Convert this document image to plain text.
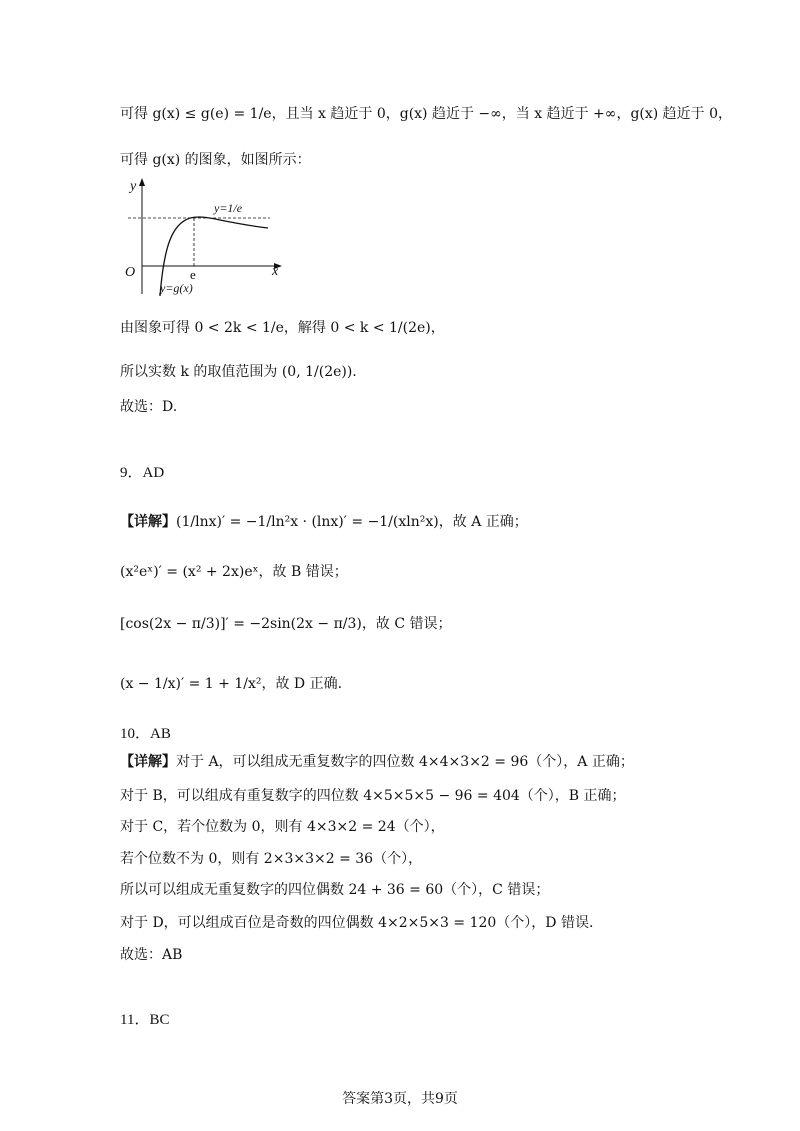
可得 g(x) ≤ g(e) = 1/e，且当 x 趋近于 0，g(x) 趋近于 −∞，当 x 趋近于 +∞，g(x) 趋近于 0，
可得 g(x) 的图象，如图所示：
y
x
O	e
y=1/e
y=g(x)
由图象可得 0 < 2k < 1/e，解得 0 < k < 1/(2e)，
所以实数 k 的取值范围为 (0, 1/(2e)).
故选：D.
9．AD
【详解】(1/lnx)′ = −1/ln²x · (lnx)′ = −1/(xln²x)，故 A 正确；
(x²eˣ)′ = (x² + 2x)eˣ，故 B 错误；
[cos(2x − π/3)]′ = −2sin(2x − π/3)，故 C 错误；
(x − 1/x)′ = 1 + 1/x²，故 D 正确.
10．AB
【详解】对于 A，可以组成无重复数字的四位数 4×4×3×2 = 96（个），A 正确；
对于 B，可以组成有重复数字的四位数 4×5×5×5 − 96 = 404（个），B 正确；
对于 C，若个位数为 0，则有 4×3×2 = 24（个），
若个位数不为 0，则有 2×3×3×2 = 36（个），
所以可以组成无重复数字的四位偶数 24 + 36 = 60（个），C 错误；
对于 D，可以组成百位是奇数的四位偶数 4×2×5×3 = 120（个），D 错误.
故选：AB
11．BC
答案第3页，共9页
